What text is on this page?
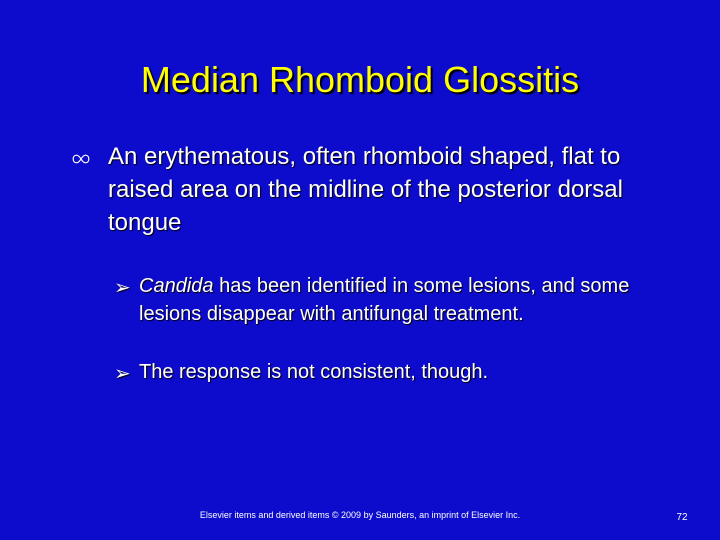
Median Rhomboid Glossitis
An erythematous, often rhomboid shaped, flat to raised area on the midline of the posterior dorsal tongue
➢ Candida has been identified in some lesions, and some lesions disappear with antifungal treatment.
➢ The response is not consistent, though.
Elsevier items and derived items © 2009 by Saunders, an imprint of Elsevier Inc.	72
